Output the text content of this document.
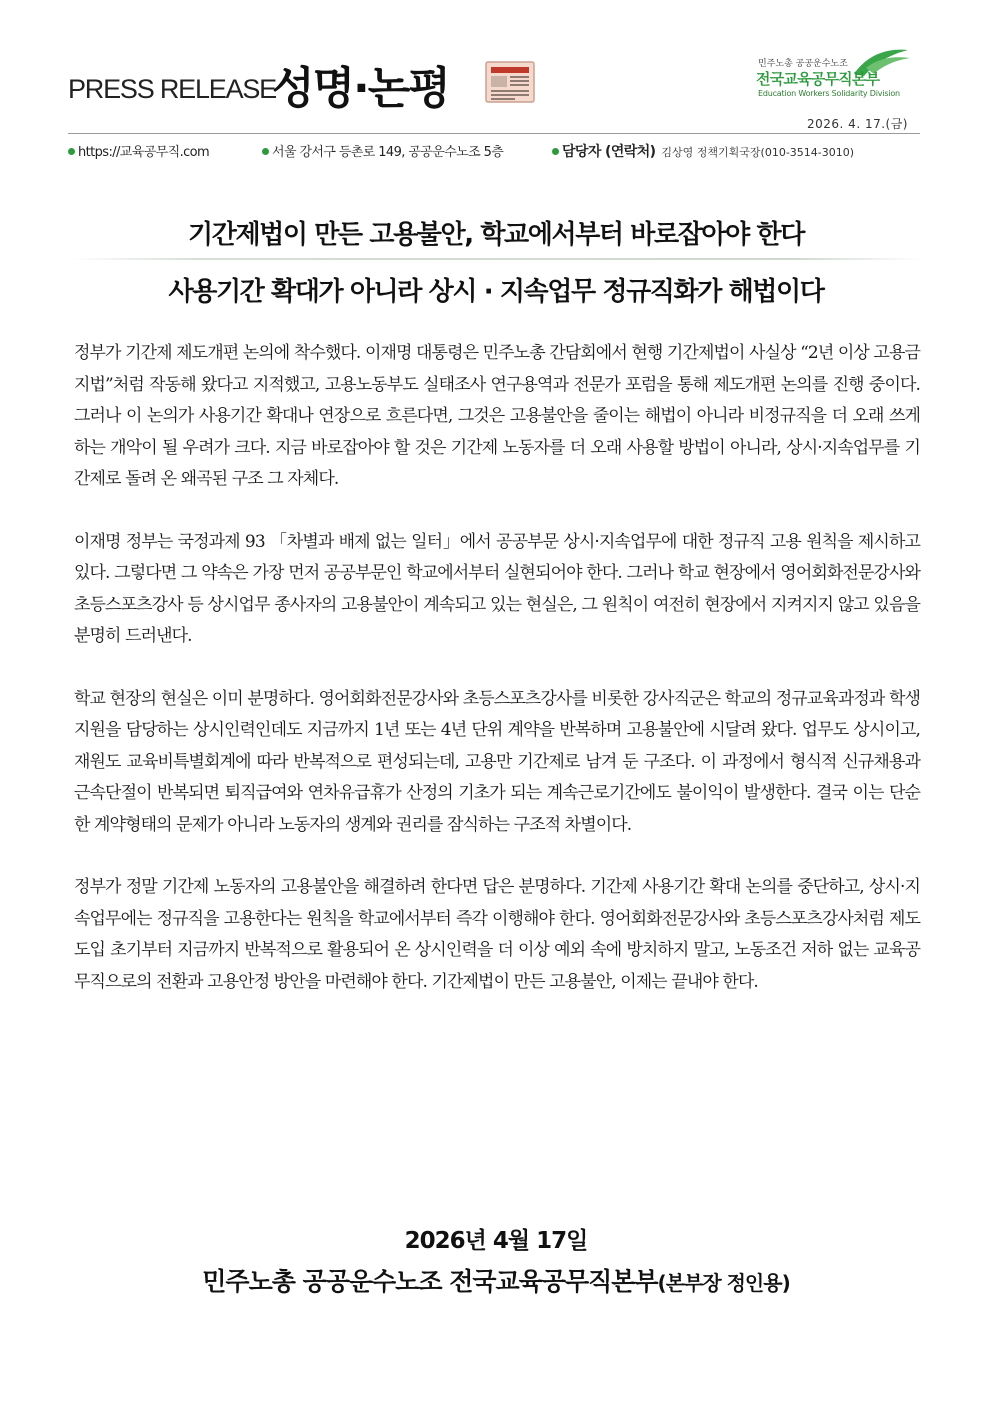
PRESS RELEASE
성명·논평	민주노총 공공운수노조
전국교육공무직본부
Education Workers Solidarity Division
2026. 4. 17.(금)
https://교육공무직.com	서울 강서구 등촌로 149, 공공운수노조 5층	담당자 (연락처) 김상영 정책기획국장(010-3514-3010)
기간제법이 만든 고용불안, 학교에서부터 바로잡아야 한다
사용기간 확대가 아니라 상시 · 지속업무 정규직화가 해법이다

정부가 기간제 제도개편 논의에 착수했다. 이재명 대통령은 민주노총 간담회에서 현행 기간제법이 사실상 “2년 이상 고용금지법”처럼 작동해 왔다고 지적했고, 고용노동부도 실태조사 연구용역과 전문가 포럼을 통해 제도개편 논의를 진행 중이다. 그러나 이 논의가 사용기간 확대나 연장으로 흐른다면, 그것은 고용불안을 줄이는 해법이 아니라 비정규직을 더 오래 쓰게 하는 개악이 될 우려가 크다. 지금 바로잡아야 할 것은 기간제 노동자를 더 오래 사용할 방법이 아니라, 상시·지속업무를 기간제로 돌려 온 왜곡된 구조 그 자체다.

이재명 정부는 국정과제 93 「차별과 배제 없는 일터」에서 공공부문 상시·지속업무에 대한 정규직 고용 원칙을 제시하고 있다. 그렇다면 그 약속은 가장 먼저 공공부문인 학교에서부터 실현되어야 한다. 그러나 학교 현장에서 영어회화전문강사와 초등스포츠강사 등 상시업무 종사자의 고용불안이 계속되고 있는 현실은, 그 원칙이 여전히 현장에서 지켜지지 않고 있음을 분명히 드러낸다.

학교 현장의 현실은 이미 분명하다. 영어회화전문강사와 초등스포츠강사를 비롯한 강사직군은 학교의 정규교육과정과 학생지원을 담당하는 상시인력인데도 지금까지 1년 또는 4년 단위 계약을 반복하며 고용불안에 시달려 왔다. 업무도 상시이고, 재원도 교육비특별회계에 따라 반복적으로 편성되는데, 고용만 기간제로 남겨 둔 구조다. 이 과정에서 형식적 신규채용과 근속단절이 반복되면 퇴직급여와 연차유급휴가 산정의 기초가 되는 계속근로기간에도 불이익이 발생한다. 결국 이는 단순한 계약형태의 문제가 아니라 노동자의 생계와 권리를 잠식하는 구조적 차별이다.

정부가 정말 기간제 노동자의 고용불안을 해결하려 한다면 답은 분명하다. 기간제 사용기간 확대 논의를 중단하고, 상시·지속업무에는 정규직을 고용한다는 원칙을 학교에서부터 즉각 이행해야 한다. 영어회화전문강사와 초등스포츠강사처럼 제도 도입 초기부터 지금까지 반복적으로 활용되어 온 상시인력을 더 이상 예외 속에 방치하지 말고, 노동조건 저하 없는 교육공무직으로의 전환과 고용안정 방안을 마련해야 한다. 기간제법이 만든 고용불안, 이제는 끝내야 한다.

2026년 4월 17일
민주노총 공공운수노조 전국교육공무직본부(본부장 정인용)
